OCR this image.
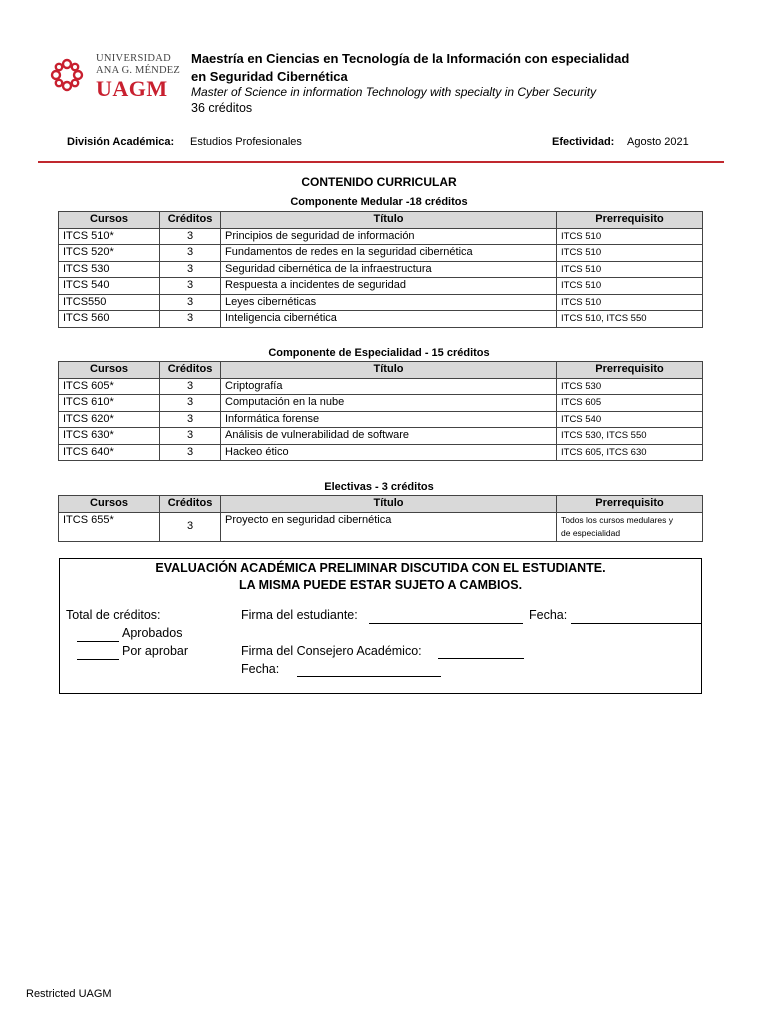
UNIVERSIDAD
ANA G. MÉNDEZ
UAGM
Maestría en Ciencias en Tecnología de la Información con especialidad en Seguridad Cibernética
Master of Science in information Technology with specialty in Cyber Security
36 créditos
División Académica: Estudios Profesionales	Efectividad: Agosto 2021
CONTENIDO CURRICULAR
Componente Medular -18 créditos
Cursos	Créditos	Título	Prerrequisito
ITCS 510*	3	Principios de seguridad de información	ITCS 510
ITCS 520*	3	Fundamentos de redes en la seguridad cibernética	ITCS 510
ITCS 530	3	Seguridad cibernética de la infraestructura	ITCS 510
ITCS 540	3	Respuesta a incidentes de seguridad	ITCS 510
ITCS550	3	Leyes cibernéticas	ITCS 510
ITCS 560	3	Inteligencia cibernética	ITCS 510, ITCS 550
Componente de Especialidad - 15 créditos
Cursos	Créditos	Título	Prerrequisito
ITCS 605*	3	Criptografía	ITCS 530
ITCS 610*	3	Computación en la nube	ITCS 605
ITCS 620*	3	Informática forense	ITCS 540
ITCS 630*	3	Análisis de vulnerabilidad de software	ITCS 530, ITCS 550
ITCS 640*	3	Hackeo ético	ITCS 605, ITCS 630
Electivas - 3 créditos
Cursos	Créditos	Título	Prerrequisito
ITCS 655*	3	Proyecto en seguridad cibernética	Todos los cursos medulares y
de especialidad
EVALUACIÓN ACADÉMICA PRELIMINAR DISCUTIDA CON EL ESTUDIANTE.
LA MISMA PUEDE ESTAR SUJETO A CAMBIOS.
Total de créditos:
Aprobados
Por aprobar
Firma del estudiante:	Fecha:
Firma del Consejero Académico:
Fecha:
Restricted UAGM
